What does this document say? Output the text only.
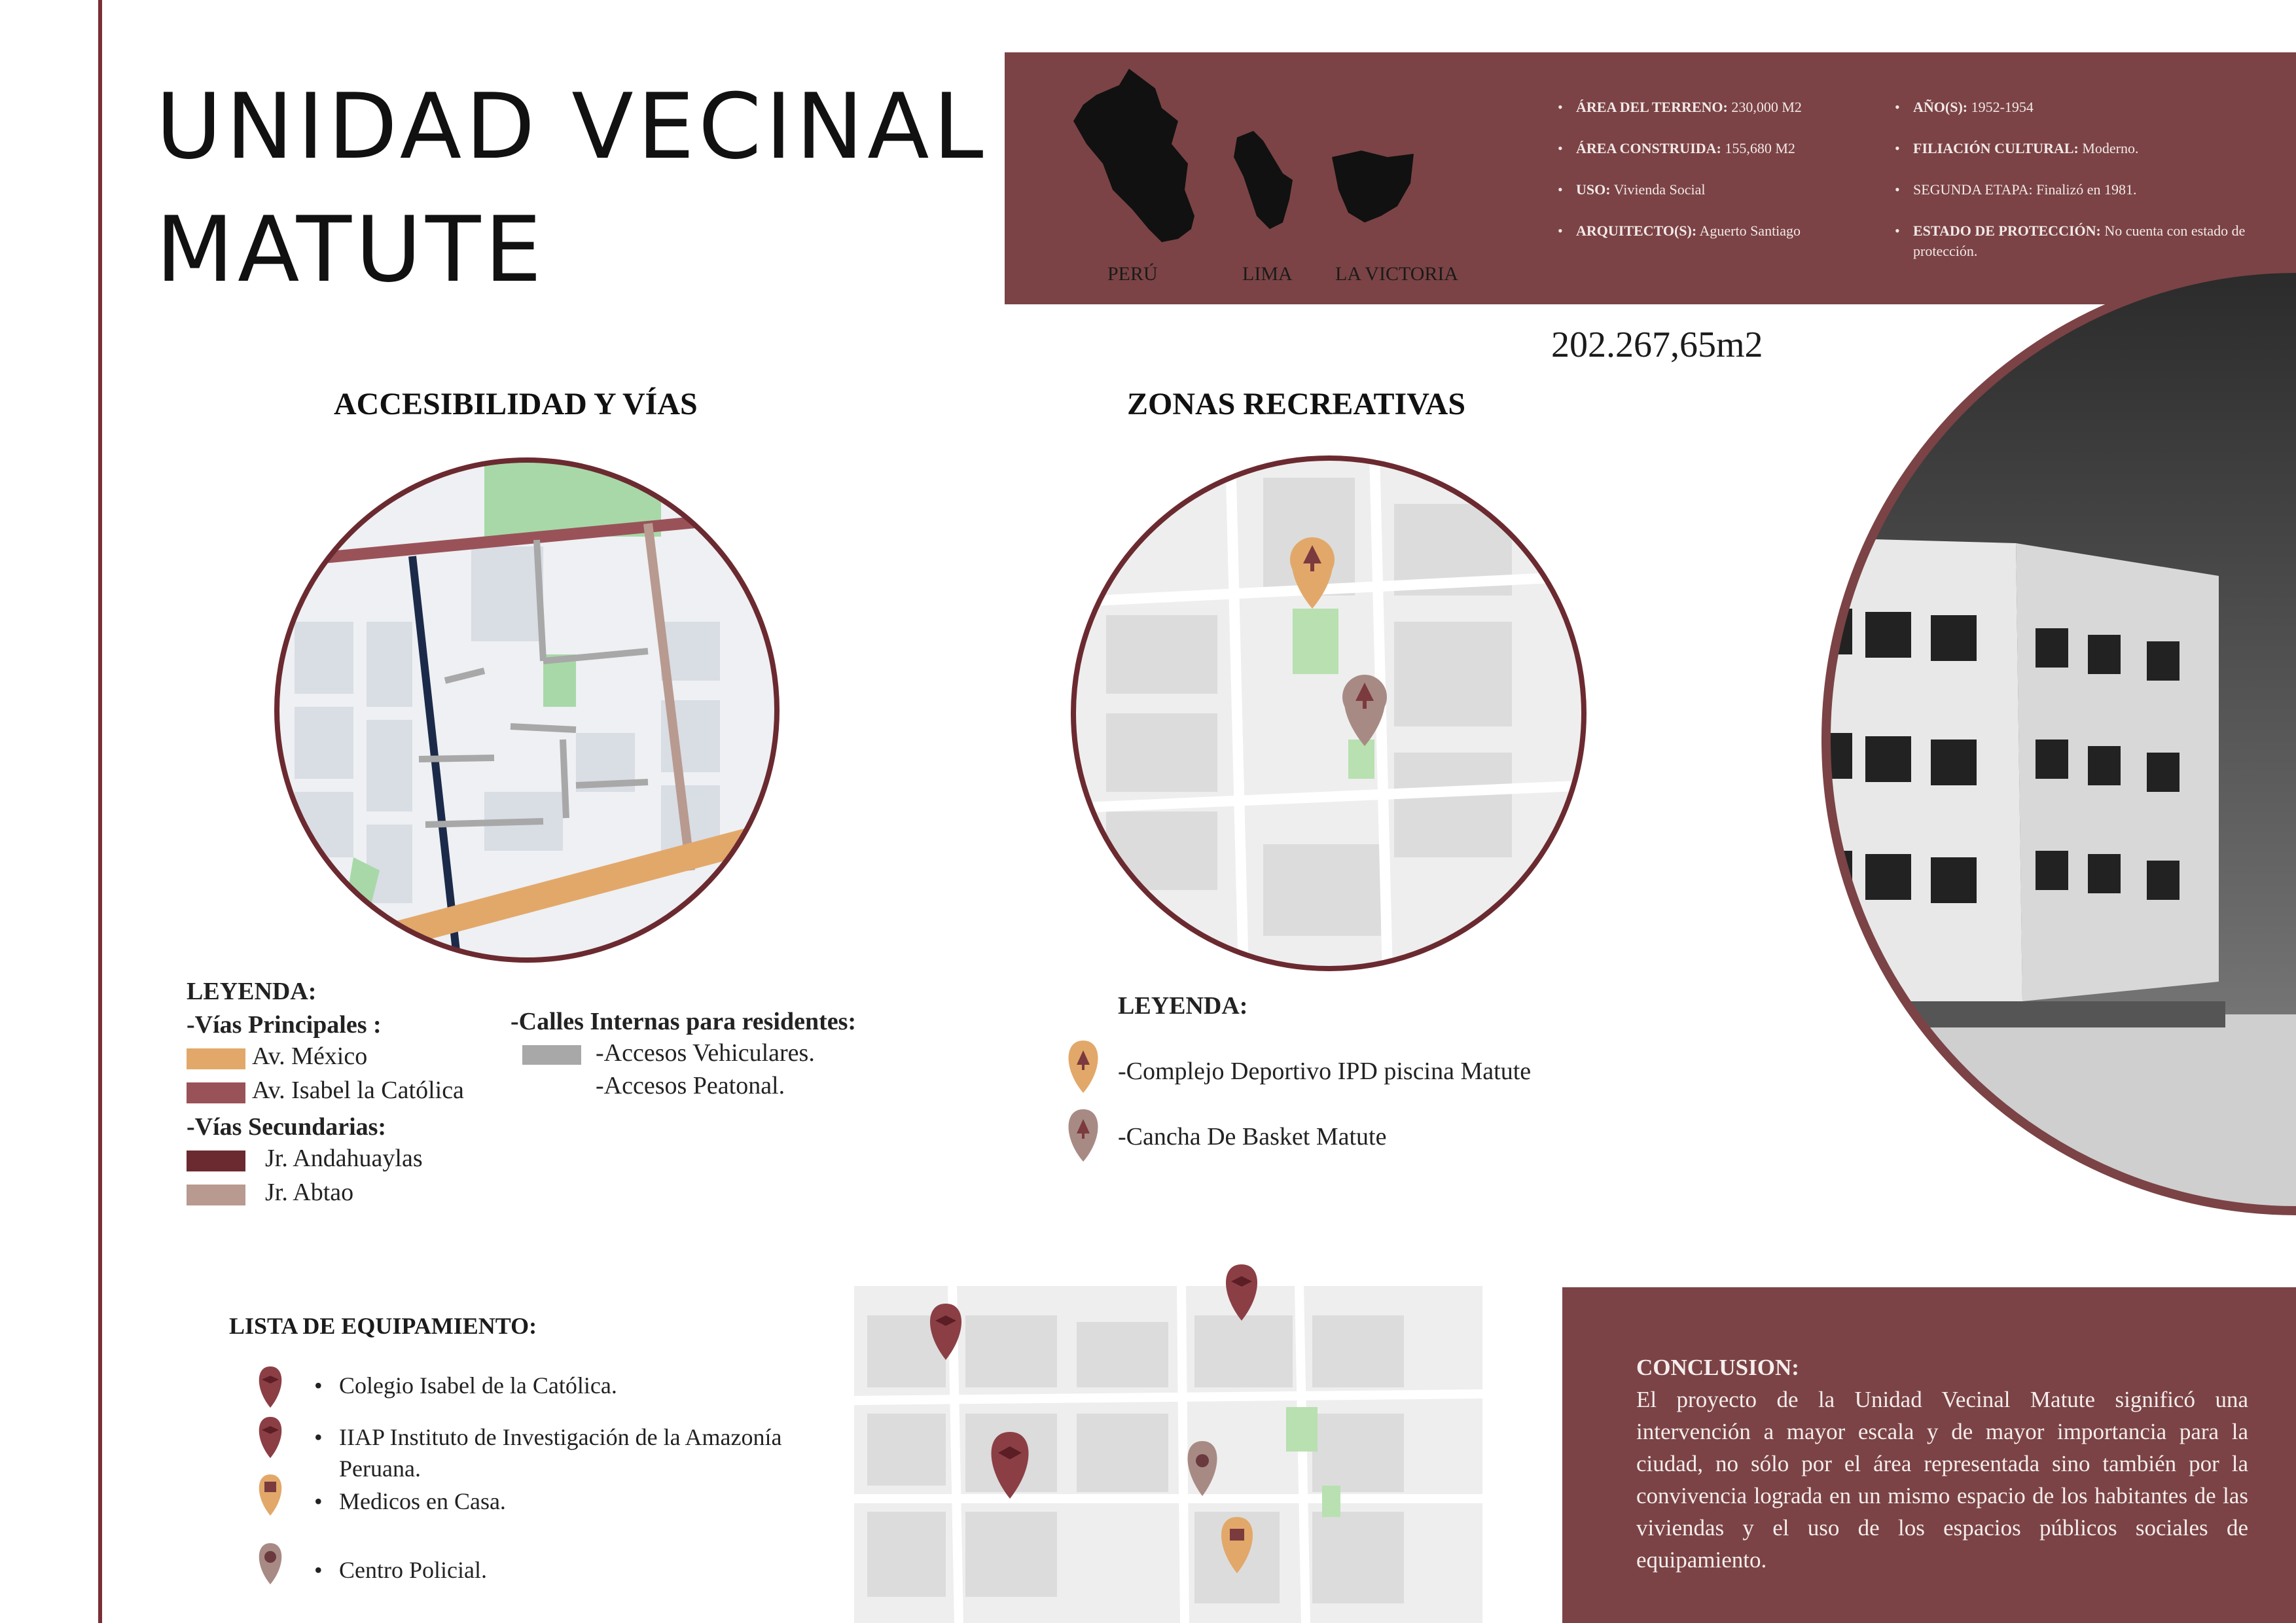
UNIDAD VECINAL
MATUTE	PERÚ	LIMA LA VICTORIA
• ÁREA DEL TERRENO: 230,000 M2
• ÁREA CONSTRUIDA: 155,680 M2
• USO: Vivienda Social
• ARQUITECTO(S): Aguerto Santiago
• AÑO(S): 1952-1954
• FILIACIÓN CULTURAL: Moderno.
• SEGUNDA ETAPA: Finalizó en 1981.
• ESTADO DE PROTECCIÓN: No cuenta con estado de protección.
202.267,65m2
ACCESIBILIDAD Y VÍAS
LEYENDA:
-Vías Principales :
Av. México
Av. Isabel la Católica
-Vías Secundarias:
Jr. Andahuaylas
Jr. Abtao
-Calles Internas para residentes:
-Accesos Vehiculares.
-Accesos Peatonal.
ZONAS RECREATIVAS
LEYENDA:
-Complejo Deportivo IPD piscina Matute
-Cancha De Basket Matute
LISTA DE EQUIPAMIENTO:
• Colegio Isabel de la Católica.
• IIAP Instituto de Investigación de la Amazonía Peruana.
• Medicos en Casa.
• Centro Policial.
CONCLUSION:
El proyecto de la Unidad Vecinal Matute significó una intervención a mayor escala y de mayor importancia para la ciudad, no sólo por el área representada sino también por la convivencia lograda en un mismo espacio de los habitantes de las viviendas y el uso de los espacios públicos sociales de equipamiento.
